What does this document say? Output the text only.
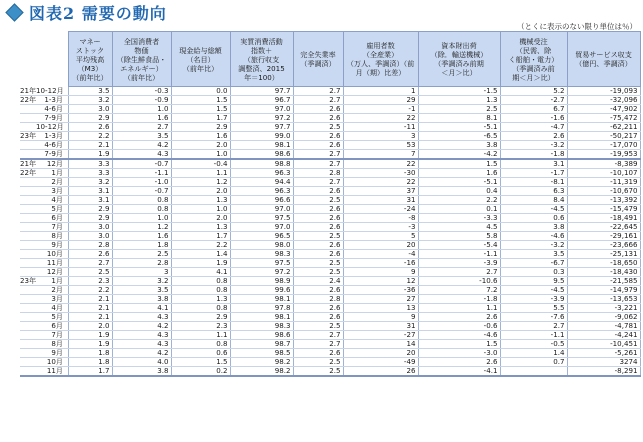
図表2 需要の動向
（とくに表示のない限り単位は％）
	マネー
ストック
平均残高
（M3）
（前年比）	全国消費者
物価
（除生鮮食品・
エネルギー）
（前年比）	現金給与総額
（名目）
（前年比）	実質消費活動
指数＋
（旅行収支
調整済、2015
年＝100）	完全失業率
（季調済）	雇用者数
（全産業）
（万人、季調済）（前
月（期）比差）	資本財出荷
（除．輸送機械）
（季調済み前期
＜月＞比）	機械受注
（民需、除
く船舶・電力）
（季調済み前
期＜月＞比）	貿易サービス収支
（億円、季調済）
21年10-12月	3.5	-0.3	0.0	97.7	2.7	1	-1.5	5.2	-19,093
22年 1-3月	3.2	-0.9	1.5	96.7	2.7	29	1.3	-2.7	-32,096
4-6月	3.0	1.0	1.5	97.0	2.6	-1	2.5	6.7	-47,902
7-9月	2.9	1.6	1.7	97.2	2.6	22	8.1	-1.6	-75,472
10-12月	2.6	2.7	2.9	97.7	2.5	-11	-5.1	-4.7	-62,211
23年 1-3月	2.2	3.5	1.6	99.0	2.6	3	-6.5	2.6	-50,217
4-6月	2.1	4.2	2.0	98.1	2.6	53	3.8	-3.2	-17,070
7-9月	1.9	4.3	1.0	98.6	2.7	7	-4.2	-1.8	-19,953
21年 12月	3.3	-0.7	-0.4	98.8	2.7	22	1.5	3.1	-8,389
22年 1月	3.3	-1.1	1.1	96.3	2.8	-30	1.6	-1.7	-10,107
2月	3.2	-1.0	1.2	94.4	2.7	22	-5.1	-8.1	-11,319
3月	3.1	-0.7	2.0	96.3	2.6	37	0.4	6.3	-10,670
4月	3.1	0.8	1.3	96.6	2.5	31	2.2	8.4	-13,392
5月	2.9	0.8	1.0	97.0	2.6	-24	0.1	-4.5	-15,479
6月	2.9	1.0	2.0	97.5	2.6	-8	-3.3	0.6	-18,491
7月	3.0	1.2	1.3	97.0	2.6	-3	4.5	3.8	-22,645
8月	3.0	1.6	1.7	96.5	2.5	5	5.8	-4.6	-29,161
9月	2.8	1.8	2.2	98.0	2.6	20	-5.4	-3.2	-23,666
10月	2.6	2.5	1.4	98.3	2.6	-4	-1.1	3.5	-25,131
11月	2.7	2.8	1.9	97.5	2.5	-16	-3.9	-6.7	-18,650
12月	2.5	3	4.1	97.2	2.5	9	2.7	0.3	-18,430
23年 1月	2.3	3.2	0.8	98.9	2.4	12	-10.6	9.5	-21,585
2月	2.2	3.5	0.8	99.6	2.6	-36	7.2	-4.5	-14,979
3月	2.1	3.8	1.3	98.1	2.8	27	-1.8	-3.9	-13,653
4月	2.1	4.1	0.8	97.8	2.6	13	1.1	5.5	-3,221
5月	2.1	4.3	2.9	98.1	2.6	9	2.6	-7.6	-9,062
6月	2.0	4.2	2.3	98.3	2.5	31	-0.6	2.7	-4,781
7月	1.9	4.3	1.1	98.6	2.7	-27	-4.6	-1.1	-4,241
8月	1.9	4.3	0.8	98.7	2.7	14	1.5	-0.5	-10,451
9月	1.8	4.2	0.6	98.5	2.6	20	-3.0	1.4	-5,261
10月	1.8	4.0	1.5	98.2	2.5	-49	2.6	0.7	3274
11月	1.7	3.8	0.2	98.2	2.5	26	-4.1		-8,291
